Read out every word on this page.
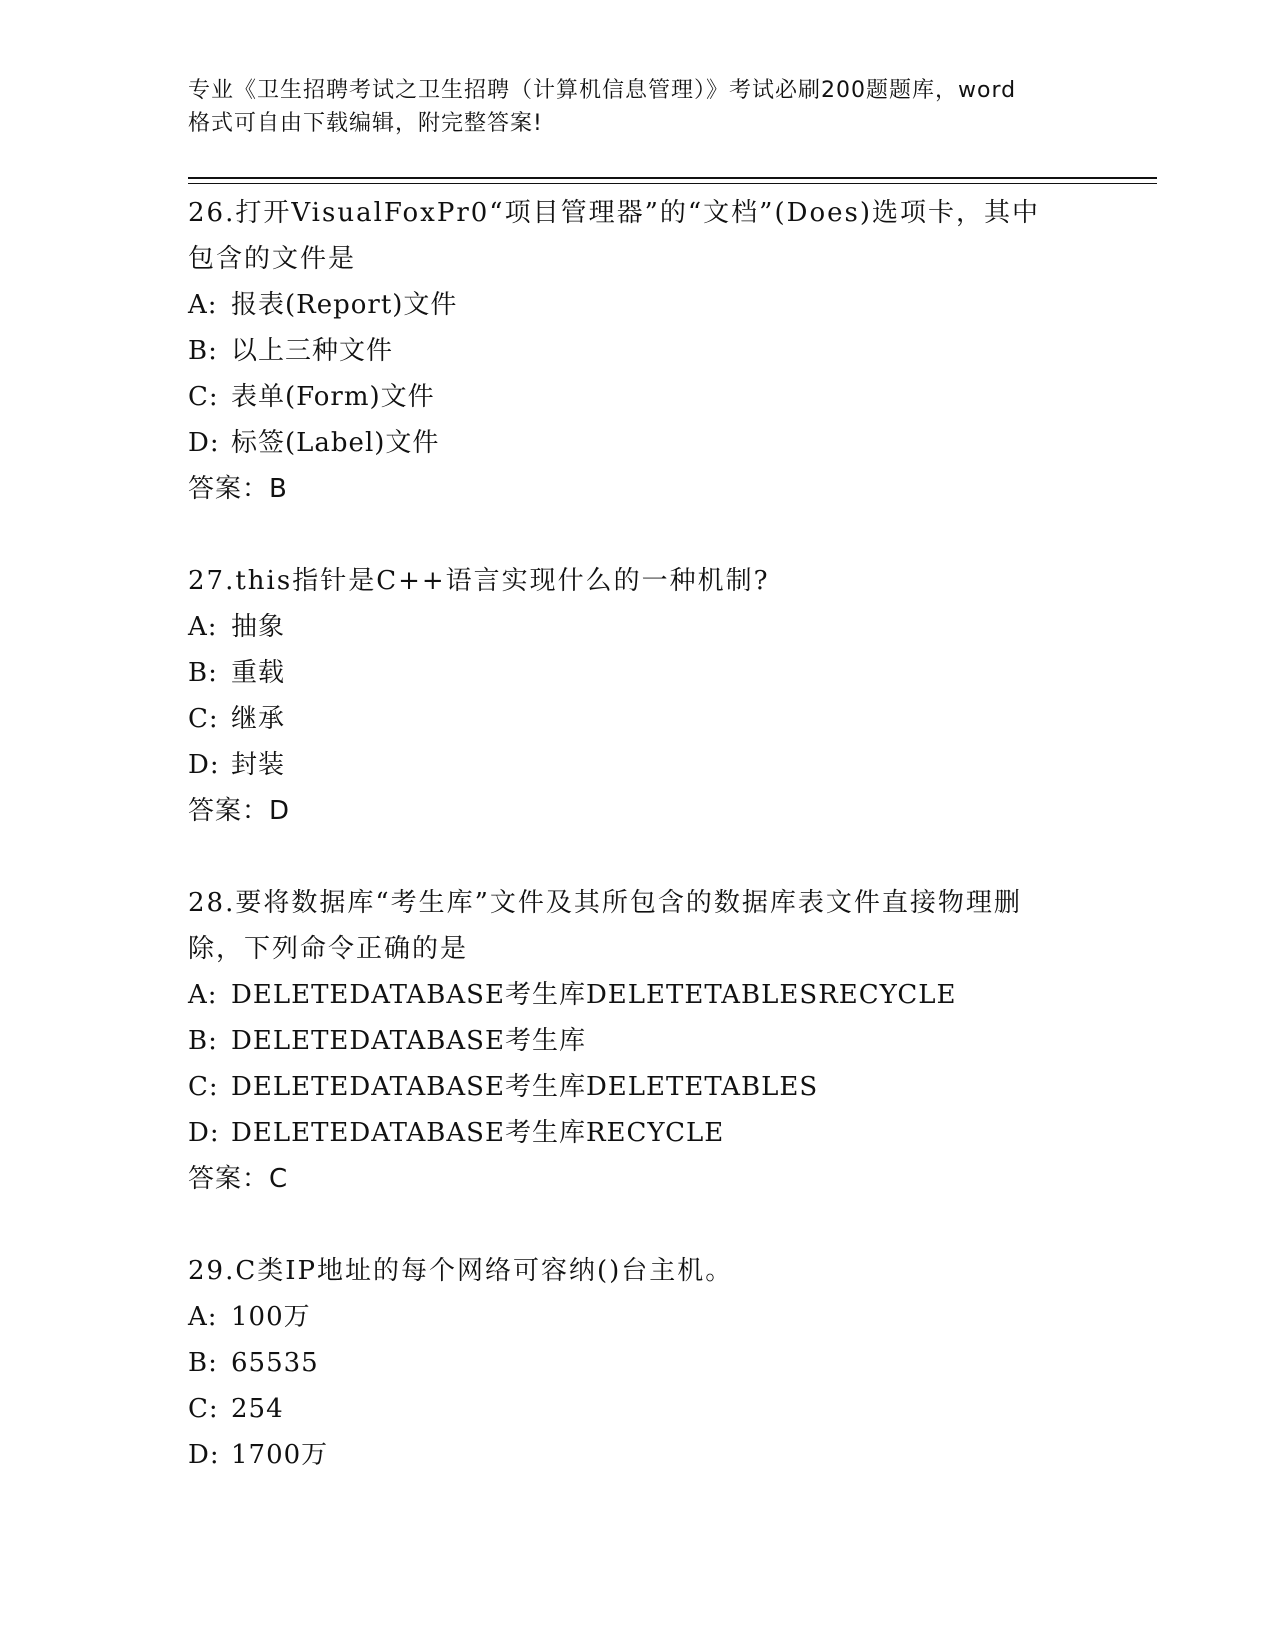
专业《卫生招聘考试之卫生招聘（计算机信息管理）》考试必刷200题题库，word
格式可自由下载编辑，附完整答案!

26.打开VisualFoxPr0“项目管理器”的“文档”(Does)选项卡，其中
包含的文件是

A: 报表(Report)文件
B: 以上三种文件
C: 表单(Form)文件
D: 标签(Label)文件
答案：B

27.this指针是C++语言实现什么的一种机制?

A: 抽象
B: 重载
C: 继承
D: 封装
答案：D

28.要将数据库“考生库”文件及其所包含的数据库表文件直接物理删
除，下列命令正确的是

A: DELETEDATABASE考生库DELETETABLESRECYCLE
B: DELETEDATABASE考生库
C: DELETEDATABASE考生库DELETETABLES
D: DELETEDATABASE考生库RECYCLE
答案：C

29.C类IP地址的每个网络可容纳()台主机。

A: 100万
B: 65535
C: 254
D: 1700万
